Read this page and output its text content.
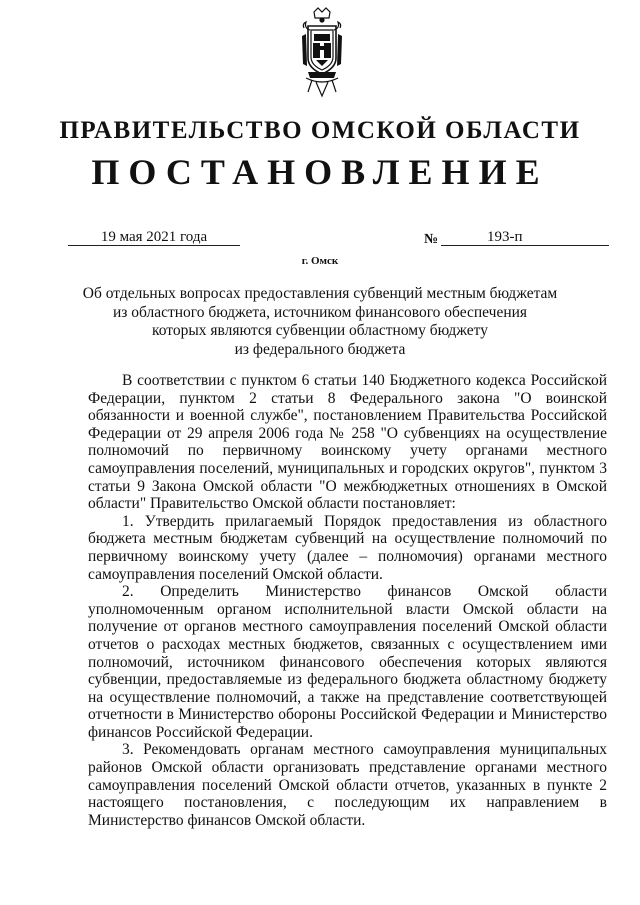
ПРАВИТЕЛЬСТВО ОМСКОЙ ОБЛАСТИ
ПОСТАНОВЛЕНИЕ
19 мая 2021 года	№	193-п
г. Омск
Об отдельных вопросах предоставления субвенций местным бюджетам
из областного бюджета, источником финансового обеспечения
которых являются субвенции областному бюджету
из федерального бюджета

В соответствии с пунктом 6 статьи 140 Бюджетного кодекса Российской Федерации, пунктом 2 статьи 8 Федерального закона "О воинской обязанности и военной службе", постановлением Правительства Российской Федерации от 29 апреля 2006 года № 258 "О субвенциях на осуществление полномочий по первичному воинскому учету органами местного самоуправления поселений, муниципальных и городских округов", пунктом 3 статьи 9 Закона Омской области "О межбюджетных отношениях в Омской области" Правительство Омской области постановляет:

1. Утвердить прилагаемый Порядок предоставления из областного бюджета местным бюджетам субвенций на осуществление полномочий по первичному воинскому учету (далее – полномочия) органами местного самоуправления поселений Омской области.

2. Определить Министерство финансов Омской области уполномоченным органом исполнительной власти Омской области на получение от органов местного самоуправления поселений Омской области отчетов о расходах местных бюджетов, связанных с осуществлением ими полномочий, источником финансового обеспечения которых являются субвенции, предоставляемые из федерального бюджета областному бюджету на осуществление полномочий, а также на представление соответствующей отчетности в Министерство обороны Российской Федерации и Министерство финансов Российской Федерации.

3. Рекомендовать органам местного самоуправления муниципальных районов Омской области организовать представление органами местного самоуправления поселений Омской области отчетов, указанных в пункте 2 настоящего постановления, с последующим их направлением в Министерство финансов Омской области.
